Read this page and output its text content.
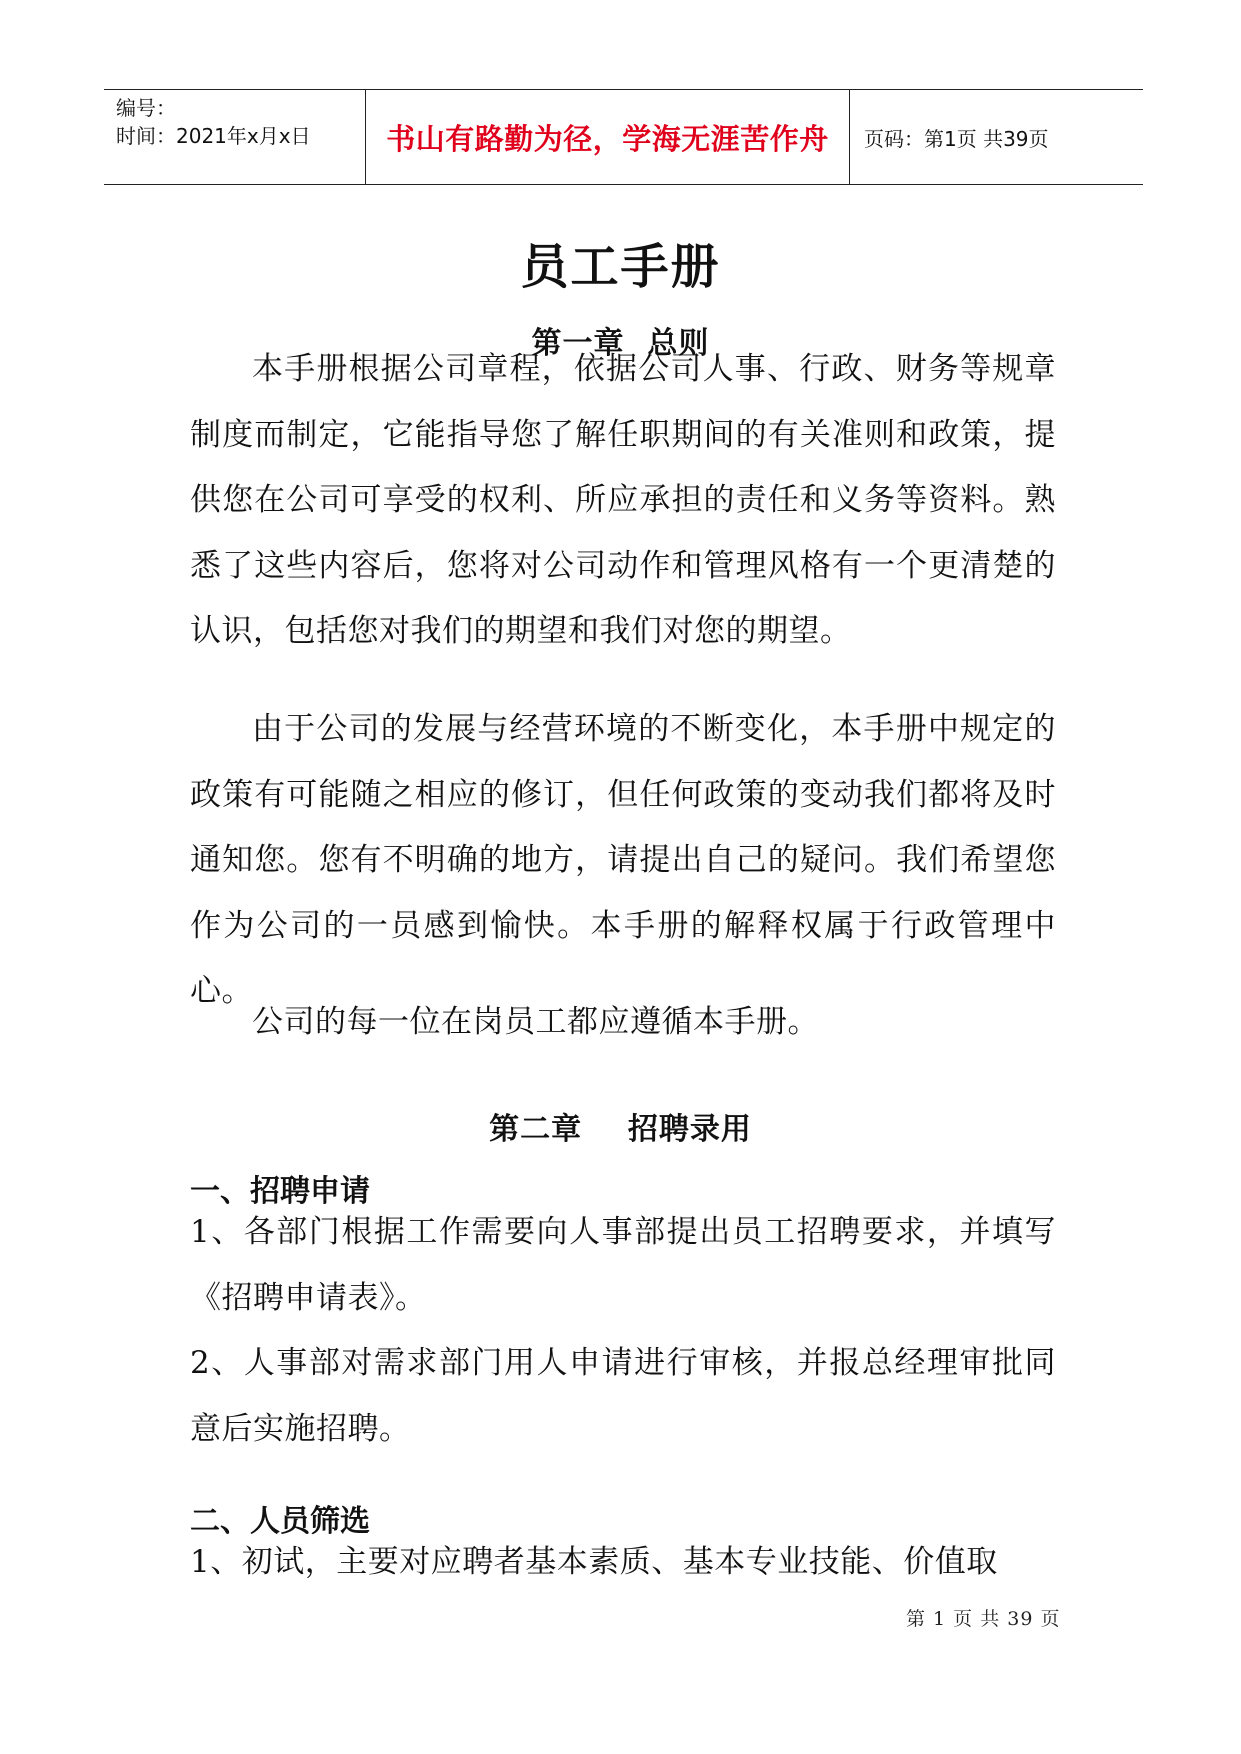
编号：
时间：2021年x月x日	书山有路勤为径，学海无涯苦作舟	页码：第1页 共39页
员工手册
第一章  总则

本手册根据公司章程，依据公司人事、行政、财务等规章制度而制定，它能指导您了解任职期间的有关准则和政策，提供您在公司可享受的权利、所应承担的责任和义务等资料。熟悉了这些内容后，您将对公司动作和管理风格有一个更清楚的认识，包括您对我们的期望和我们对您的期望。

由于公司的发展与经营环境的不断变化，本手册中规定的政策有可能随之相应的修订，但任何政策的变动我们都将及时通知您。您有不明确的地方，请提出自己的疑问。我们希望您作为公司的一员感到愉快。本手册的解释权属于行政管理中心。

公司的每一位在岗员工都应遵循本手册。

第二章    招聘录用
一、招聘申请

1、各部门根据工作需要向人事部提出员工招聘要求，并填写《招聘申请表》。

2、人事部对需求部门用人申请进行审核，并报总经理审批同意后实施招聘。

二、人员筛选

1、初试，主要对应聘者基本素质、基本专业技能、价值取

第 1 页 共 39 页
